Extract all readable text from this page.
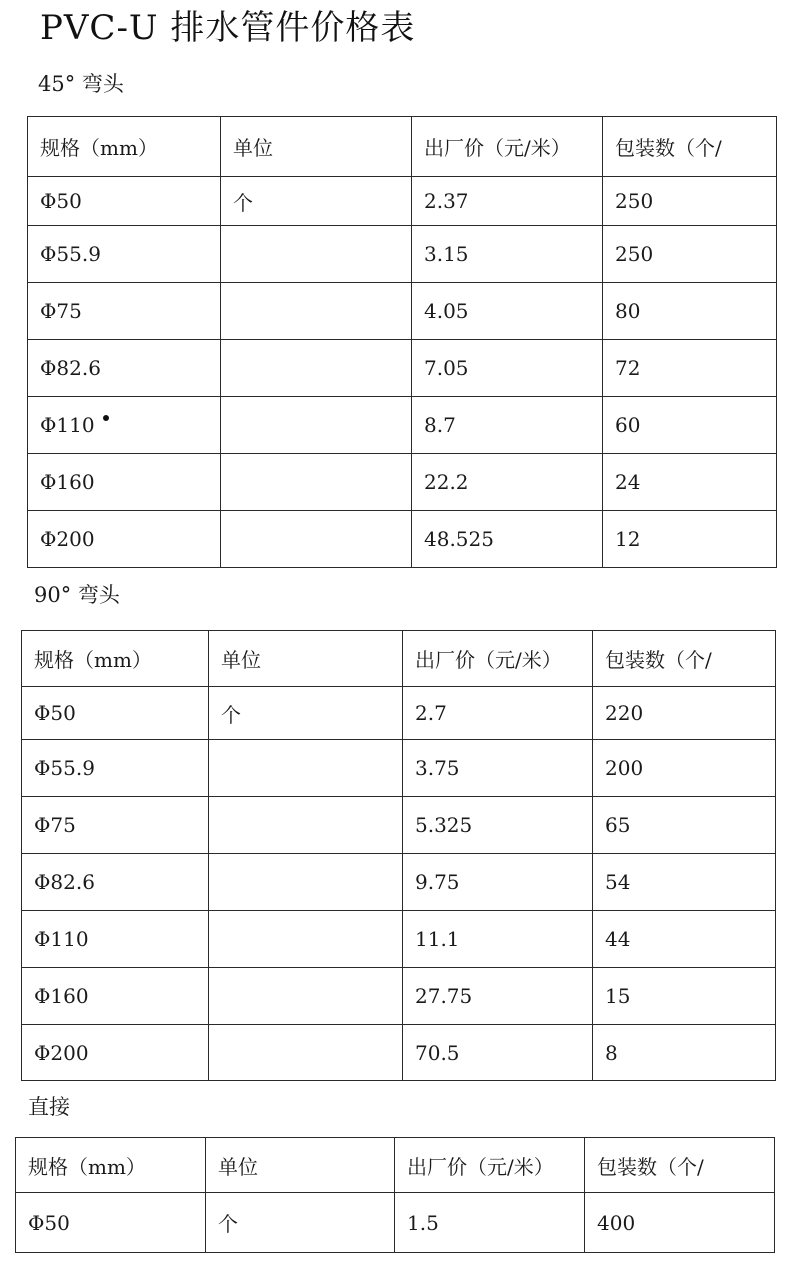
PVC-U 排水管件价格表
45° 弯头
规格（mm）	单位	出厂价（元/米）	包装数（个/
Φ50	个	2.37	250
Φ55.9		3.15	250
Φ75		4.05	80
Φ82.6		7.05	72
Φ110		8.7	60
Φ160		22.2	24
Φ200		48.525	12
90° 弯头
规格（mm）	单位	出厂价（元/米）	包装数（个/
Φ50	个	2.7	220
Φ55.9		3.75	200
Φ75		5.325	65
Φ82.6		9.75	54
Φ110		11.1	44
Φ160		27.75	15
Φ200		70.5	8
直接
规格（mm）	单位	出厂价（元/米）	包装数（个/
Φ50	个	1.5	400
